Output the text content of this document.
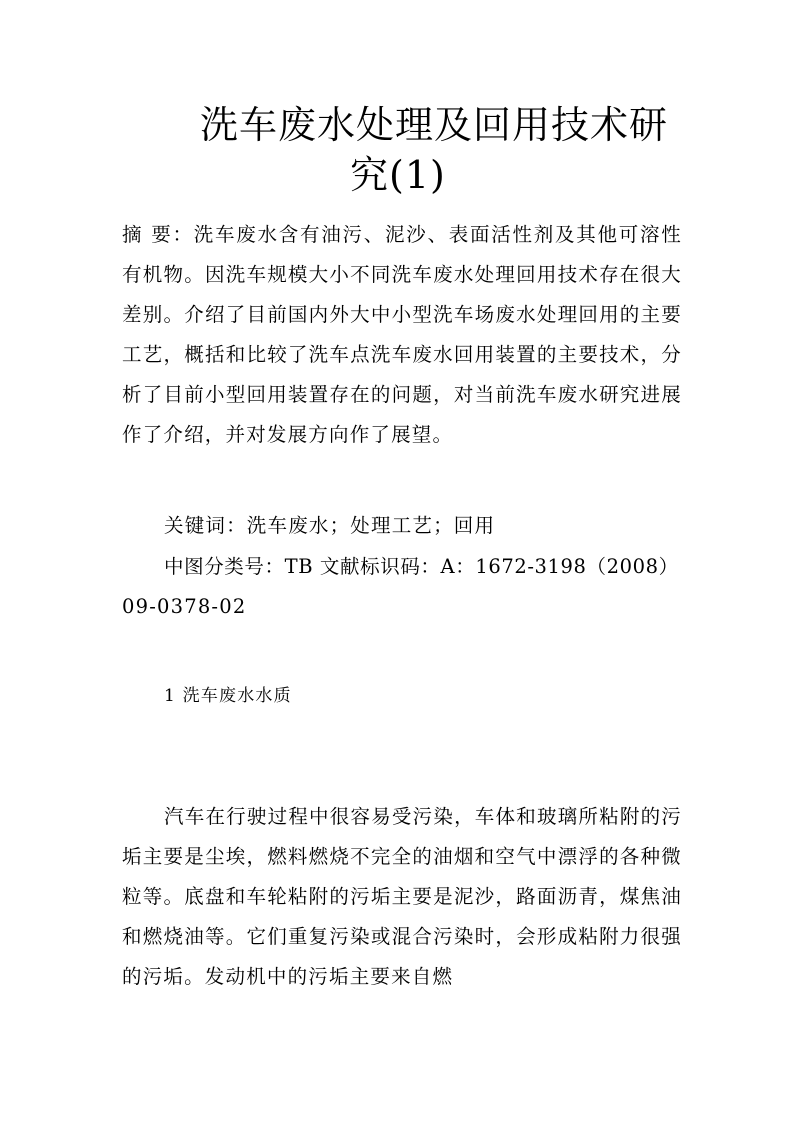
洗车废水处理及回用技术研
究(1)
摘 要：洗车废水含有油污、泥沙、表面活性剂及其他可溶性有机物。因洗车规模大小不同洗车废水处理回用技术存在很大差别。介绍了目前国内外大中小型洗车场废水处理回用的主要工艺，概括和比较了洗车点洗车废水回用装置的主要技术，分析了目前小型回用装置存在的问题，对当前洗车废水研究进展作了介绍，并对发展方向作了展望。
关键词：洗车废水；处理工艺；回用
中图分类号：TB 文献标识码：A：1672-3198（2008）
09-0378-02
1 洗车废水水质
汽车在行驶过程中很容易受污染，车体和玻璃所粘附的污垢主要是尘埃，燃料燃烧不完全的油烟和空气中漂浮的各种微粒等。底盘和车轮粘附的污垢主要是泥沙，路面沥青，煤焦油和燃烧油等。它们重复污染或混合污染时，会形成粘附力很强的污垢。发动机中的污垢主要来自燃
